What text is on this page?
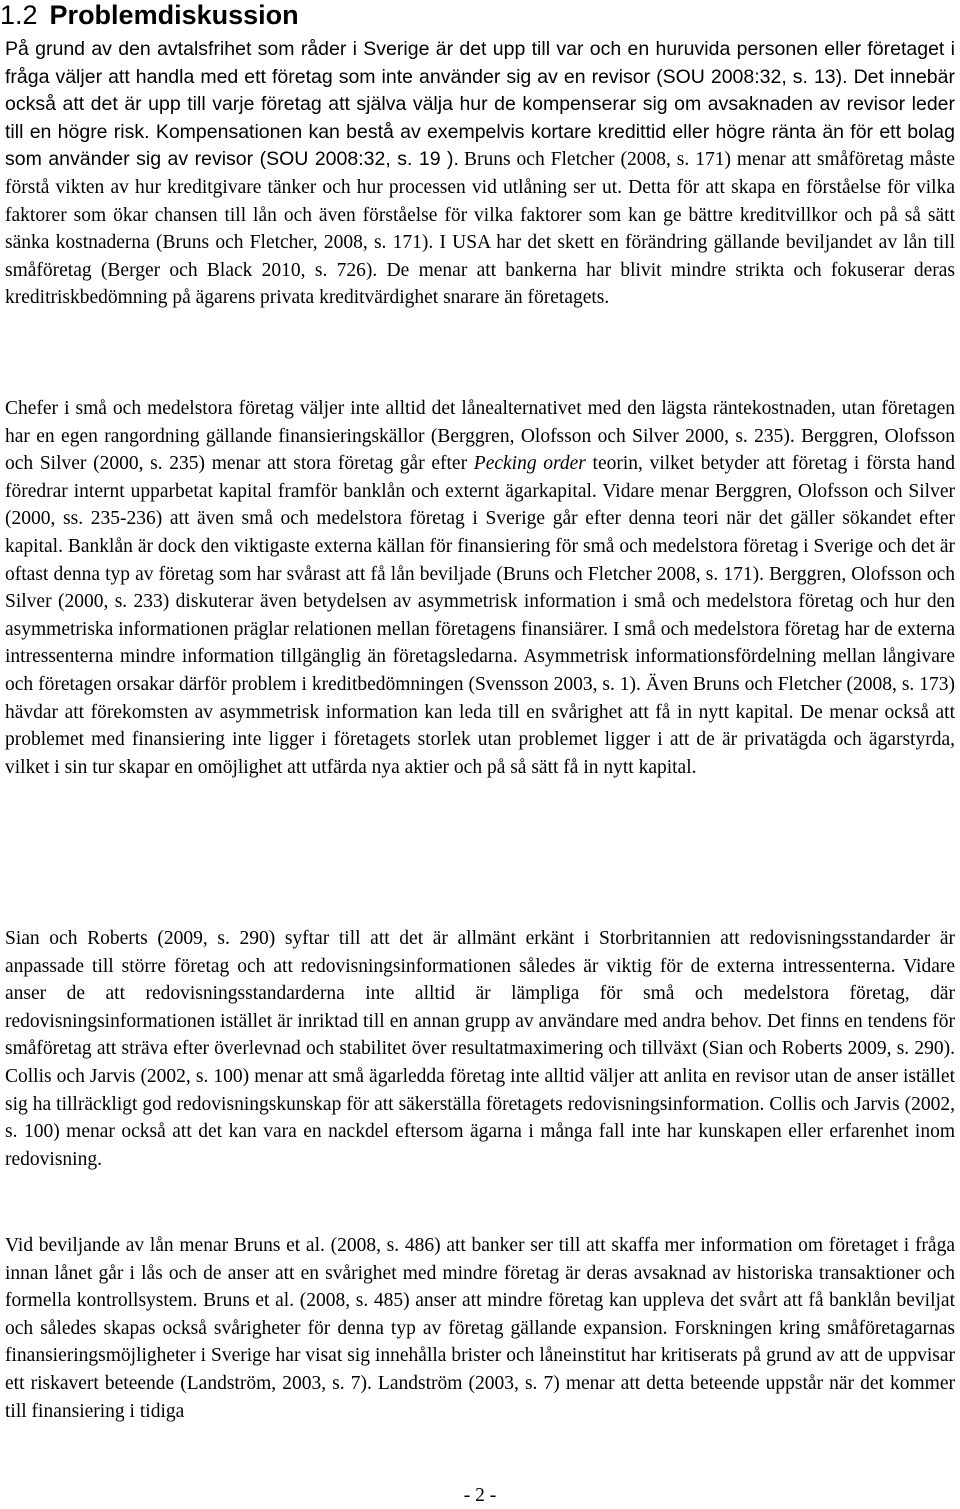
1.2 Problemdiskussion

På grund av den avtalsfrihet som råder i Sverige är det upp till var och en huruvida personen eller företaget i fråga väljer att handla med ett företag som inte använder sig av en revisor (SOU 2008:32, s. 13). Det innebär också att det är upp till varje företag att själva välja hur de kompenserar sig om avsaknaden av revisor leder till en högre risk. Kompensationen kan bestå av exempelvis kortare kredittid eller högre ränta än för ett bolag som använder sig av revisor (SOU 2008:32, s. 19 ). Bruns och Fletcher (2008, s. 171) menar att småföretag måste förstå vikten av hur kreditgivare tänker och hur processen vid utlåning ser ut. Detta för att skapa en förståelse för vilka faktorer som ökar chansen till lån och även förståelse för vilka faktorer som kan ge bättre kreditvillkor och på så sätt sänka kostnaderna (Bruns och Fletcher, 2008, s. 171). I USA har det skett en förändring gällande beviljandet av lån till småföretag (Berger och Black 2010, s. 726). De menar att bankerna har blivit mindre strikta och fokuserar deras kreditriskbedömning på ägarens privata kreditvärdighet snarare än företagets.

Chefer i små och medelstora företag väljer inte alltid det lånealternativet med den lägsta räntekostnaden, utan företagen har en egen rangordning gällande finansieringskällor (Berggren, Olofsson och Silver 2000, s. 235). Berggren, Olofsson och Silver (2000, s. 235) menar att stora företag går efter Pecking order teorin, vilket betyder att företag i första hand föredrar internt upparbetat kapital framför banklån och externt ägarkapital. Vidare menar Berggren, Olofsson och Silver (2000, ss. 235-236) att även små och medelstora företag i Sverige går efter denna teori när det gäller sökandet efter kapital. Banklån är dock den viktigaste externa källan för finansiering för små och medelstora företag i Sverige och det är oftast denna typ av företag som har svårast att få lån beviljade (Bruns och Fletcher 2008, s. 171). Berggren, Olofsson och Silver (2000, s. 233) diskuterar även betydelsen av asymmetrisk information i små och medelstora företag och hur den asymmetriska informationen präglar relationen mellan företagens finansiärer. I små och medelstora företag har de externa intressenterna mindre information tillgänglig än företagsledarna. Asymmetrisk informationsfördelning mellan långivare och företagen orsakar därför problem i kreditbedömningen (Svensson 2003, s. 1). Även Bruns och Fletcher (2008, s. 173) hävdar att förekomsten av asymmetrisk information kan leda till en svårighet att få in nytt kapital. De menar också att problemet med finansiering inte ligger i företagets storlek utan problemet ligger i att de är privatägda och ägarstyrda, vilket i sin tur skapar en omöjlighet att utfärda nya aktier och på så sätt få in nytt kapital.

Sian och Roberts (2009, s. 290) syftar till att det är allmänt erkänt i Storbritannien att redovisningsstandarder är anpassade till större företag och att redovisningsinformationen således är viktig för de externa intressenterna. Vidare anser de att redovisningsstandarderna inte alltid är lämpliga för små och medelstora företag, där redovisningsinformationen istället är inriktad till en annan grupp av användare med andra behov. Det finns en tendens för småföretag att sträva efter överlevnad och stabilitet över resultatmaximering och tillväxt (Sian och Roberts 2009, s. 290). Collis och Jarvis (2002, s. 100) menar att små ägarledda företag inte alltid väljer att anlita en revisor utan de anser istället sig ha tillräckligt god redovisningskunskap för att säkerställa företagets redovisningsinformation. Collis och Jarvis (2002, s. 100) menar också att det kan vara en nackdel eftersom ägarna i många fall inte har kunskapen eller erfarenhet inom redovisning.

Vid beviljande av lån menar Bruns et al. (2008, s. 486) att banker ser till att skaffa mer information om företaget i fråga innan lånet går i lås och de anser att en svårighet med mindre företag är deras avsaknad av historiska transaktioner och formella kontrollsystem. Bruns et al. (2008, s. 485) anser att mindre företag kan uppleva det svårt att få banklån beviljat och således skapas också svårigheter för denna typ av företag gällande expansion. Forskningen kring småföretagarnas finansieringsmöjligheter i Sverige har visat sig innehålla brister och låneinstitut har kritiserats på grund av att de uppvisar ett riskavert beteende (Landström, 2003, s. 7). Landström (2003, s. 7) menar att detta beteende uppstår när det kommer till finansiering i tidiga

- 2 -
